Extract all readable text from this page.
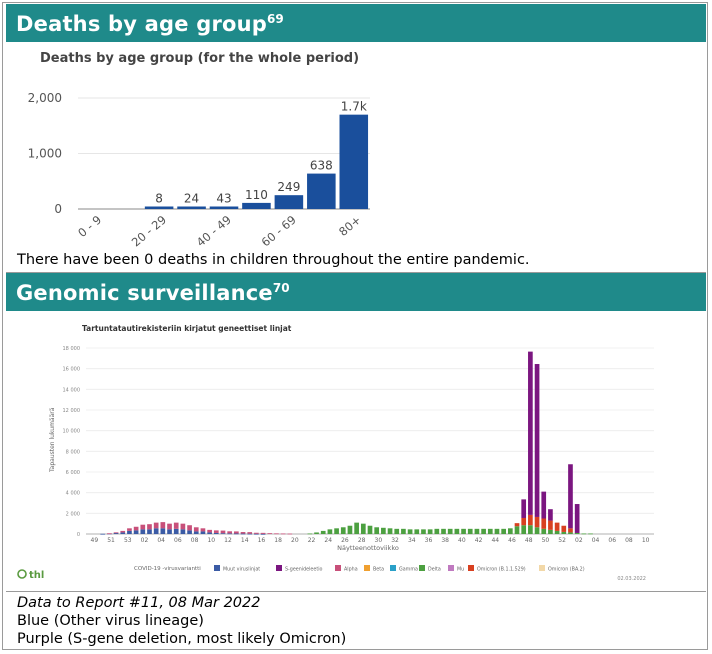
Deaths by age group$^{69}$
Deaths by age group (for the whole period)
0
1,000
2,000
0 - 9
8
20 - 29
24 43
40 - 49
110
249
60 - 69
638
1.7k
80+
There have been 0 deaths in children throughout the entire pandemic.
Genomic surveillance$^{70}$
Tartuntatautirekisteriin kirjatut geneettiset linjat
Tapausten lukumäärä
Näytteenottoviikko
COVID-19 -virusvariantti
02.03.2022
Muut viruslinjat	S-geenideleetio	Alpha	Beta	Gamma Delta	Mu	Omicron (B.1.1.529)	Omicron (BA.2)
thl
0
2 000
4 000
6 000
8 000
10 000
12 000
14 000
16 000
18 000
49 51 53 02 04 06 08 10 12 14 16 18 20 22 24 26 28 30 32 34 36 38 40 42 44 46 48 50 52 02 04 06 08 10
Data to Report #11, 08 Mar 2022
Blue (Other virus lineage)
Purple (S-gene deletion, most likely Omicron)
